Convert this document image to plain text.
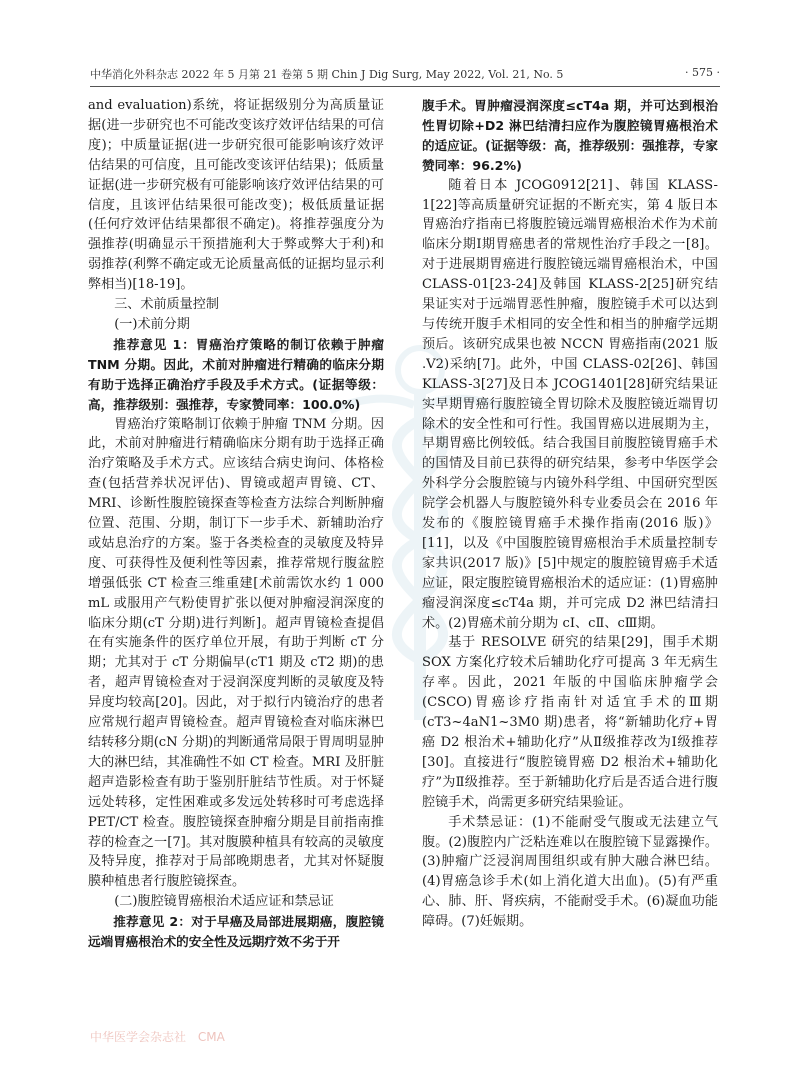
中华消化外科杂志 2022 年 5 月第 21 卷第 5 期 Chin J Dig Surg, May 2022, Vol. 21, No. 5	· 575 ·

and evaluation)系统，将证据级别分为高质量证据(进一步研究也不可能改变该疗效评估结果的可信度)；中质量证据(进一步研究很可能影响该疗效评估结果的可信度，且可能改变该评估结果)；低质量证据(进一步研究极有可能影响该疗效评估结果的可信度，且该评估结果很可能改变)；极低质量证据(任何疗效评估结果都很不确定)。将推荐强度分为强推荐(明确显示干预措施利大于弊或弊大于利)和弱推荐(利弊不确定或无论质量高低的证据均显示利弊相当)[18-19]。

三、术前质量控制

(一)术前分期

推荐意见 1：胃癌治疗策略的制订依赖于肿瘤 TNM 分期。因此，术前对肿瘤进行精确的临床分期有助于选择正确治疗手段及手术方式。(证据等级：高，推荐级别：强推荐，专家赞同率：100.0%)

胃癌治疗策略制订依赖于肿瘤 TNM 分期。因此，术前对肿瘤进行精确临床分期有助于选择正确治疗策略及手术方式。应该结合病史询问、体格检查(包括营养状况评估)、胃镜或超声胃镜、CT、MRI、诊断性腹腔镜探查等检查方法综合判断肿瘤位置、范围、分期，制订下一步手术、新辅助治疗或姑息治疗的方案。鉴于各类检查的灵敏度及特异度、可获得性及便利性等因素，推荐常规行腹盆腔增强低张 CT 检查三维重建[术前需饮水约 1 000 mL 或服用产气粉使胃扩张以便对肿瘤浸润深度的临床分期(cT 分期)进行判断]。超声胃镜检查提倡在有实施条件的医疗单位开展，有助于判断 cT 分期；尤其对于 cT 分期偏早(cT1 期及 cT2 期)的患者，超声胃镜检查对于浸润深度判断的灵敏度及特异度均较高[20]。因此，对于拟行内镜治疗的患者应常规行超声胃镜检查。超声胃镜检查对临床淋巴结转移分期(cN 分期)的判断通常局限于胃周明显肿大的淋巴结，其准确性不如 CT 检查。MRI 及肝脏超声造影检查有助于鉴别肝脏结节性质。对于怀疑远处转移，定性困难或多发远处转移时可考虑选择 PET/CT 检查。腹腔镜探查肿瘤分期是目前指南推荐的检查之一[7]。其对腹膜种植具有较高的灵敏度及特异度，推荐对于局部晚期患者，尤其对怀疑腹膜种植患者行腹腔镜探查。

(二)腹腔镜胃癌根治术适应证和禁忌证

推荐意见 2：对于早癌及局部进展期癌，腹腔镜远端胃癌根治术的安全性及远期疗效不劣于开

腹手术。胃肿瘤浸润深度≤cT4a 期，并可达到根治性胃切除+D2 淋巴结清扫应作为腹腔镜胃癌根治术的适应证。(证据等级：高，推荐级别：强推荐，专家赞同率：96.2%)

随着日本 JCOG0912[21]、韩国 KLASS-1[22]等高质量研究证据的不断充实，第 4 版日本胃癌治疗指南已将腹腔镜远端胃癌根治术作为术前临床分期Ⅰ期胃癌患者的常规性治疗手段之一[8]。对于进展期胃癌进行腹腔镜远端胃癌根治术，中国 CLASS-01[23-24]及韩国 KLASS-2[25]研究结果证实对于远端胃恶性肿瘤，腹腔镜手术可以达到与传统开腹手术相同的安全性和相当的肿瘤学远期预后。该研究成果也被 NCCN 胃癌指南(2021 版 .V2)采纳[7]。此外，中国 CLASS-02[26]、韩国 KLASS-3[27]及日本 JCOG1401[28]研究结果证实早期胃癌行腹腔镜全胃切除术及腹腔镜近端胃切除术的安全性和可行性。我国胃癌以进展期为主，早期胃癌比例较低。结合我国目前腹腔镜胃癌手术的国情及目前已获得的研究结果，参考中华医学会外科学分会腹腔镜与内镜外科学组、中国研究型医院学会机器人与腹腔镜外科专业委员会在 2016 年发布的《腹腔镜胃癌手术操作指南(2016 版)》[11]，以及《中国腹腔镜胃癌根治手术质量控制专家共识(2017 版)》[5]中规定的腹腔镜胃癌手术适应证，限定腹腔镜胃癌根治术的适应证：(1)胃癌肿瘤浸润深度≤cT4a 期，并可完成 D2 淋巴结清扫术。(2)胃癌术前分期为 cⅠ、cⅡ、cⅢ期。

基于 RESOLVE 研究的结果[29]，围手术期 SOX 方案化疗较术后辅助化疗可提高 3 年无病生存率。因此，2021 年版的中国临床肿瘤学会(CSCO)胃癌诊疗指南针对适宜手术的Ⅲ期(cT3~4aN1~3M0 期)患者，将“新辅助化疗+胃癌 D2 根治术+辅助化疗”从Ⅱ级推荐改为Ⅰ级推荐[30]。直接进行“腹腔镜胃癌 D2 根治术+辅助化疗”为Ⅱ级推荐。至于新辅助化疗后是否适合进行腹腔镜手术，尚需更多研究结果验证。

手术禁忌证：(1)不能耐受气腹或无法建立气腹。(2)腹腔内广泛粘连难以在腹腔镜下显露操作。(3)肿瘤广泛浸润周围组织或有肿大融合淋巴结。(4)胃癌急诊手术(如上消化道大出血)。(5)有严重心、肺、肝、肾疾病，不能耐受手术。(6)凝血功能障碍。(7)妊娠期。

中华医学会杂志社 CMA
